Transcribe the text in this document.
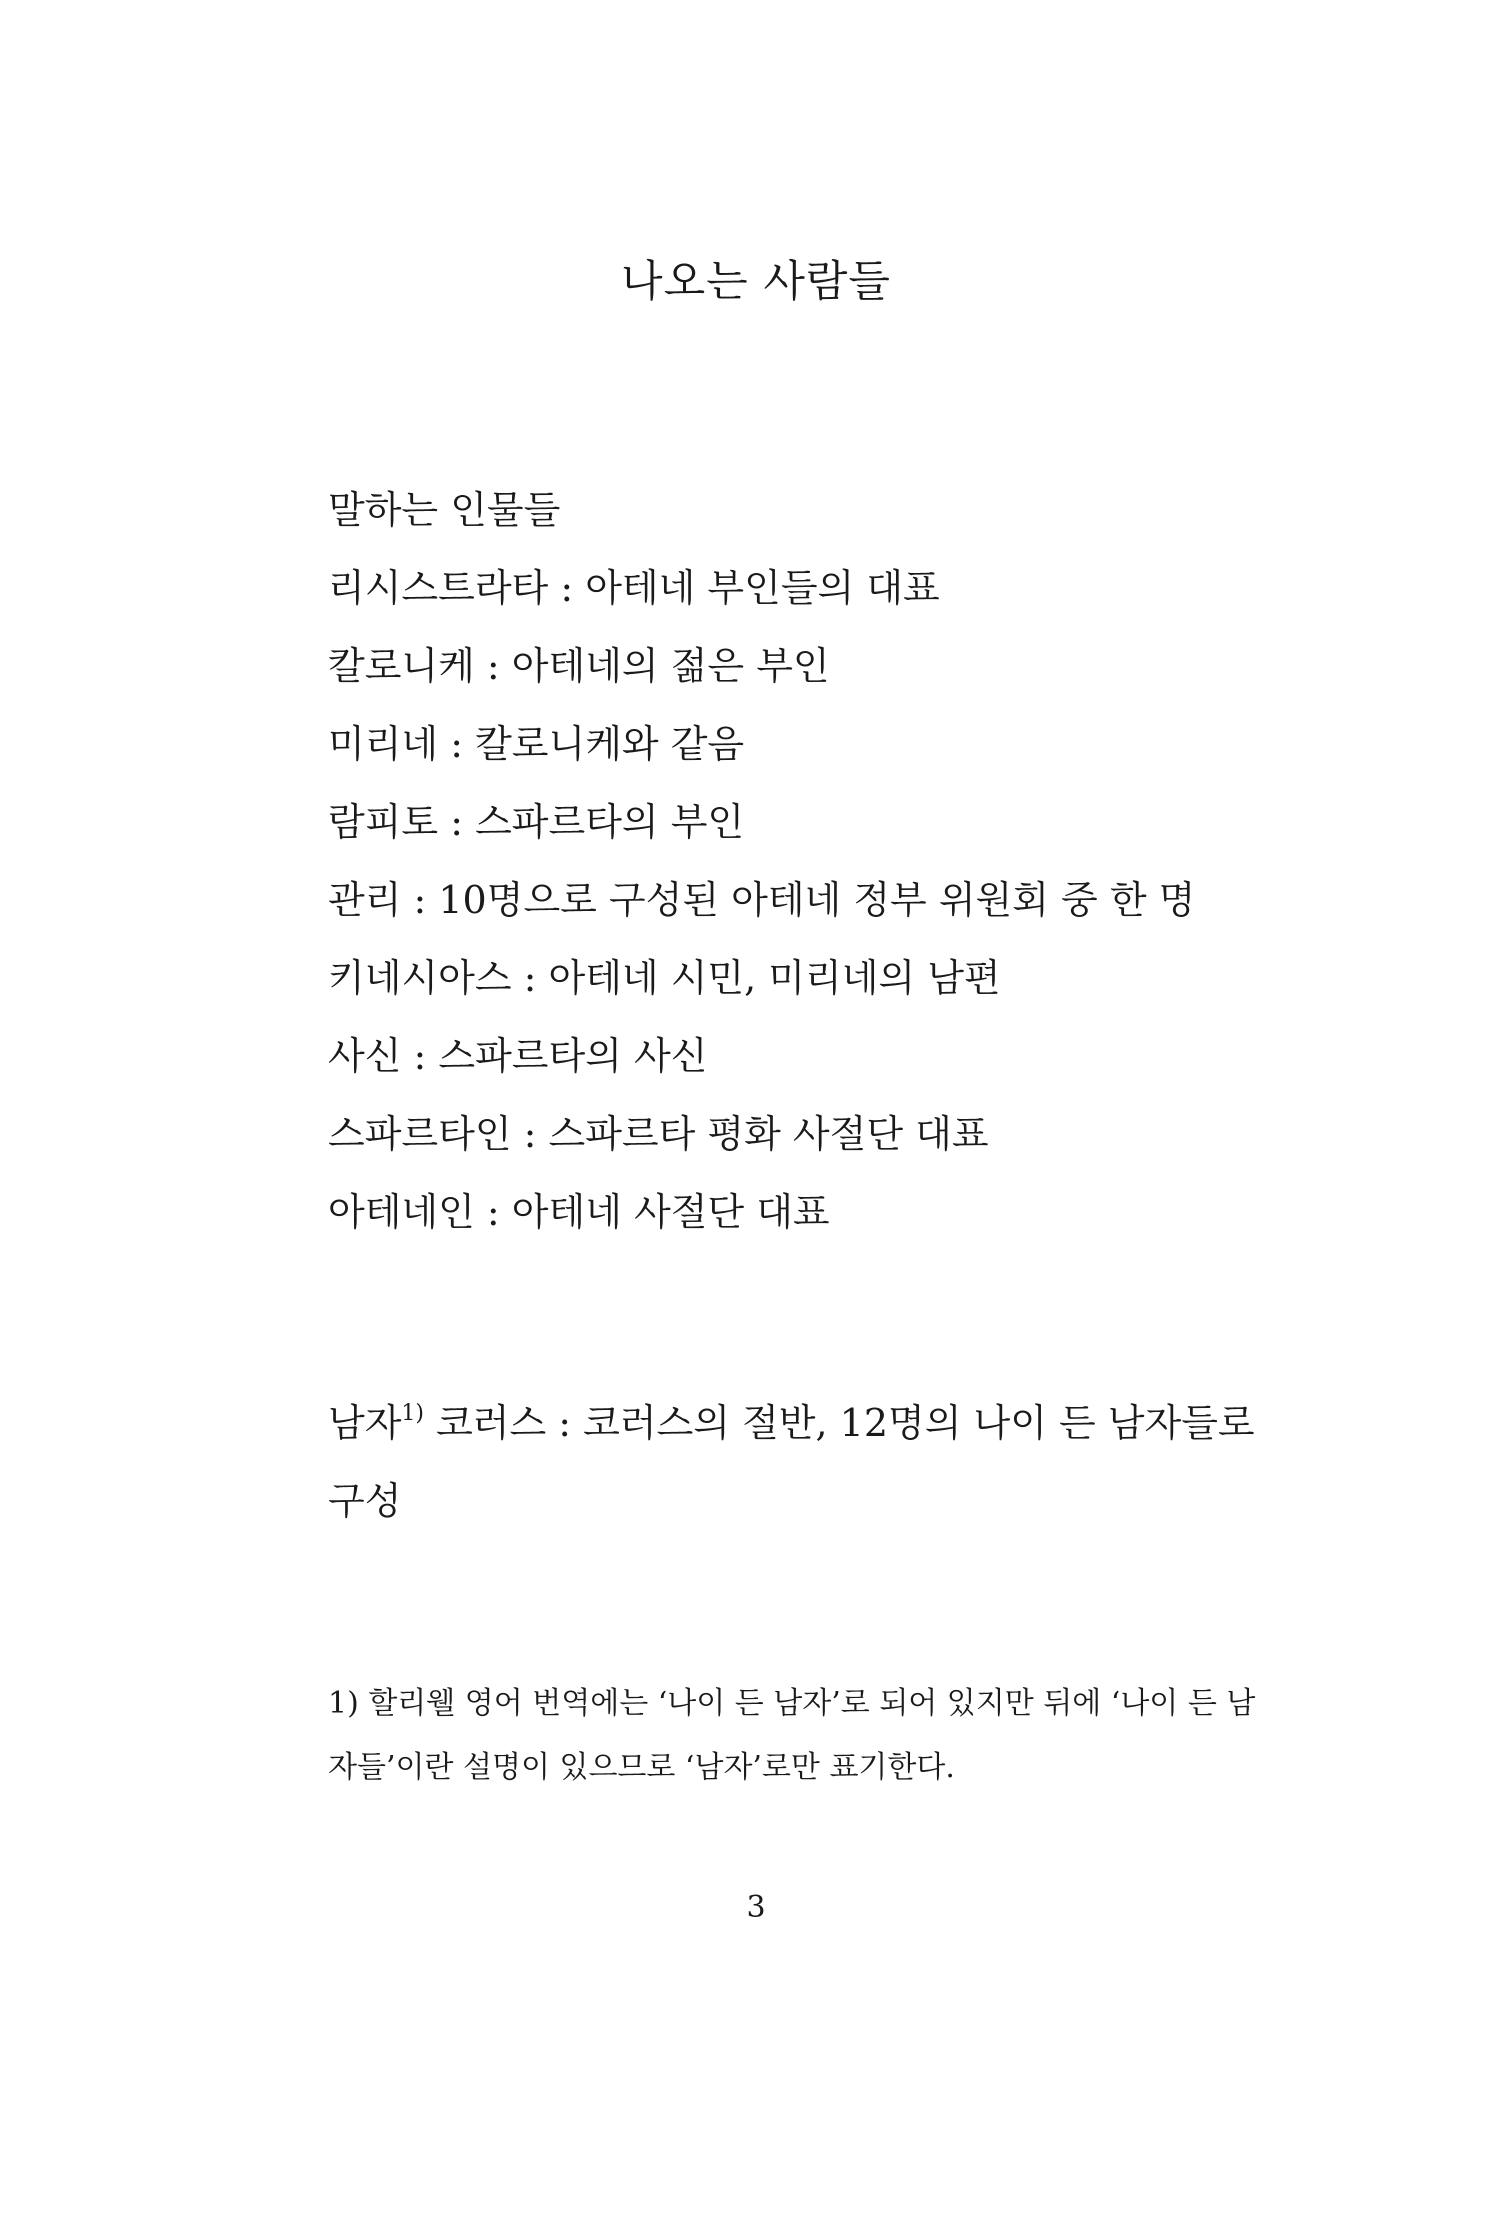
나오는 사람들
말하는 인물들
리시스트라타 : 아테네 부인들의 대표
칼로니케 : 아테네의 젊은 부인
미리네 : 칼로니케와 같음
람피토 : 스파르타의 부인
관리 : 10명으로 구성된 아테네 정부 위원회 중 한 명
키네시아스 : 아테네 시민, 미리네의 남편
사신 : 스파르타의 사신
스파르타인 : 스파르타 평화 사절단 대표
아테네인 : 아테네 사절단 대표
남자$^{1)}$ 코러스 : 코러스의 절반, 12명의 나이 든 남자들로 구성
1) 할리웰 영어 번역에는 ‘나이 든 남자’로 되어 있지만 뒤에 ‘나이 든 남자들’이란 설명이 있으므로 ‘남자’로만 표기한다.
3
